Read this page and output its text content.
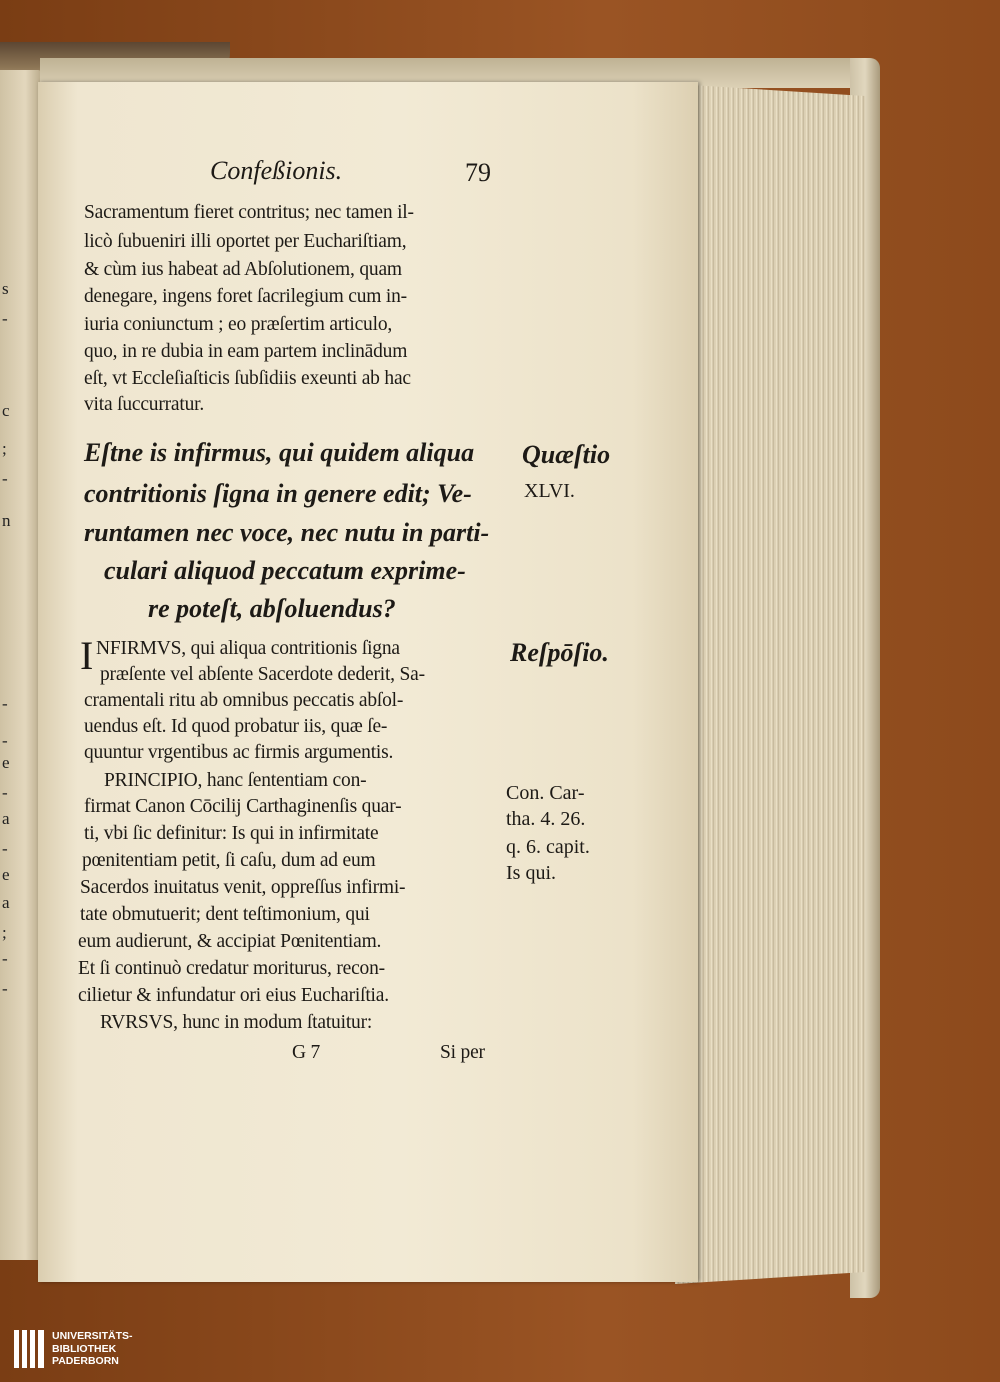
s
-
c
;
-
n
-
-
e
-
a
-
e
a
;
-
-
Confeßionis.	79
Sacramentum fieret contritus; nec tamen il-
licò ſubueniri illi oportet per Euchariſtiam,
& cùm ius habeat ad Abſolutionem, quam
denegare, ingens foret ſacrilegium cum in-
iuria coniunctum ; eo præſertim articulo,
quo, in re dubia in eam partem inclinādum
eſt, vt Eccleſiaſticis ſubſidiis exeunti ab hac
vita ſuccurratur.
Eſtne is infirmus, qui quidem aliqua
contritionis ſigna in genere edit; Ve-
runtamen nec voce, nec nutu in parti-
culari aliquod peccatum exprime-
re poteſt, abſoluendus?
I NFIRMVS, qui aliqua contritionis ſigna
præſente vel abſente Sacerdote dederit, Sa-
cramentali ritu ab omnibus peccatis abſol-
uendus eſt. Id quod probatur iis, quæ ſe-
quuntur vrgentibus ac firmis argumentis.
PRINCIPIO, hanc ſententiam con-
firmat Canon Cōcilij Carthaginenſis quar-
ti, vbi ſic definitur: Is qui in infirmitate
pœnitentiam petit, ſi caſu, dum ad eum
Sacerdos inuitatus venit, oppreſſus infirmi-
tate obmutuerit; dent teſtimonium, qui
eum audierunt, & accipiat Pœnitentiam.
Et ſi continuò credatur moriturus, recon-
cilietur & infundatur ori eius Euchariſtia.
RVRSVS, hunc in modum ſtatuitur:
G 7	Si per
Quæſtio
XLVI.
Reſpōſio.
Con. Car-
tha. 4. 26.
q. 6. capit.
Is qui.
UNIVERSITÄTS-
BIBLIOTHEK
PADERBORN
